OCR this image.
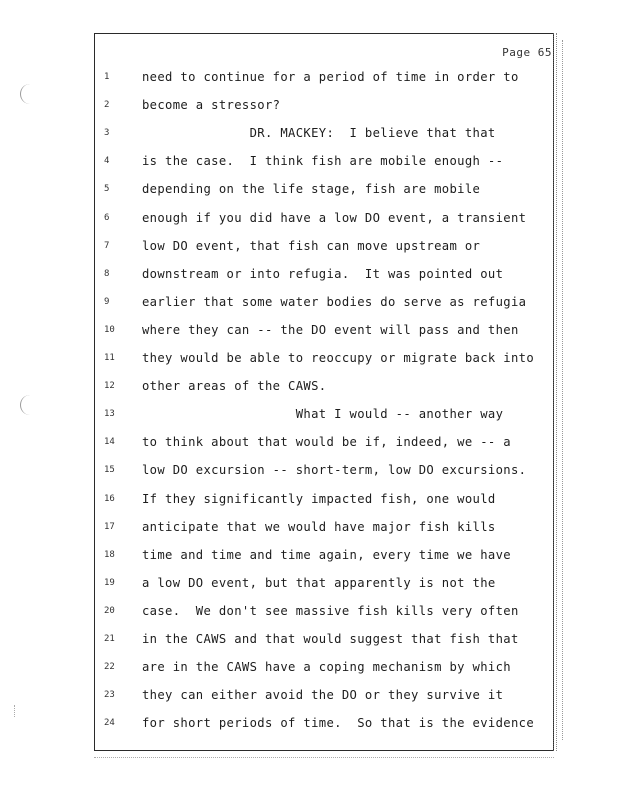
Page 65
1	need to continue for a period of time in order to
2	become a stressor?
3	DR. MACKEY:  I believe that that
4	is the case.  I think fish are mobile enough --
5	depending on the life stage, fish are mobile
6	enough if you did have a low DO event, a transient
7	low DO event, that fish can move upstream or
8	downstream or into refugia.  It was pointed out
9	earlier that some water bodies do serve as refugia
10	where they can -- the DO event will pass and then
11	they would be able to reoccupy or migrate back into
12	other areas of the CAWS.
13	What I would -- another way
14	to think about that would be if, indeed, we -- a
15	low DO excursion -- short-term, low DO excursions.
16	If they significantly impacted fish, one would
17	anticipate that we would have major fish kills
18	time and time and time again, every time we have
19	a low DO event, but that apparently is not the
20	case.  We don't see massive fish kills very often
21	in the CAWS and that would suggest that fish that
22	are in the CAWS have a coping mechanism by which
23	they can either avoid the DO or they survive it
24	for short periods of time.  So that is the evidence
